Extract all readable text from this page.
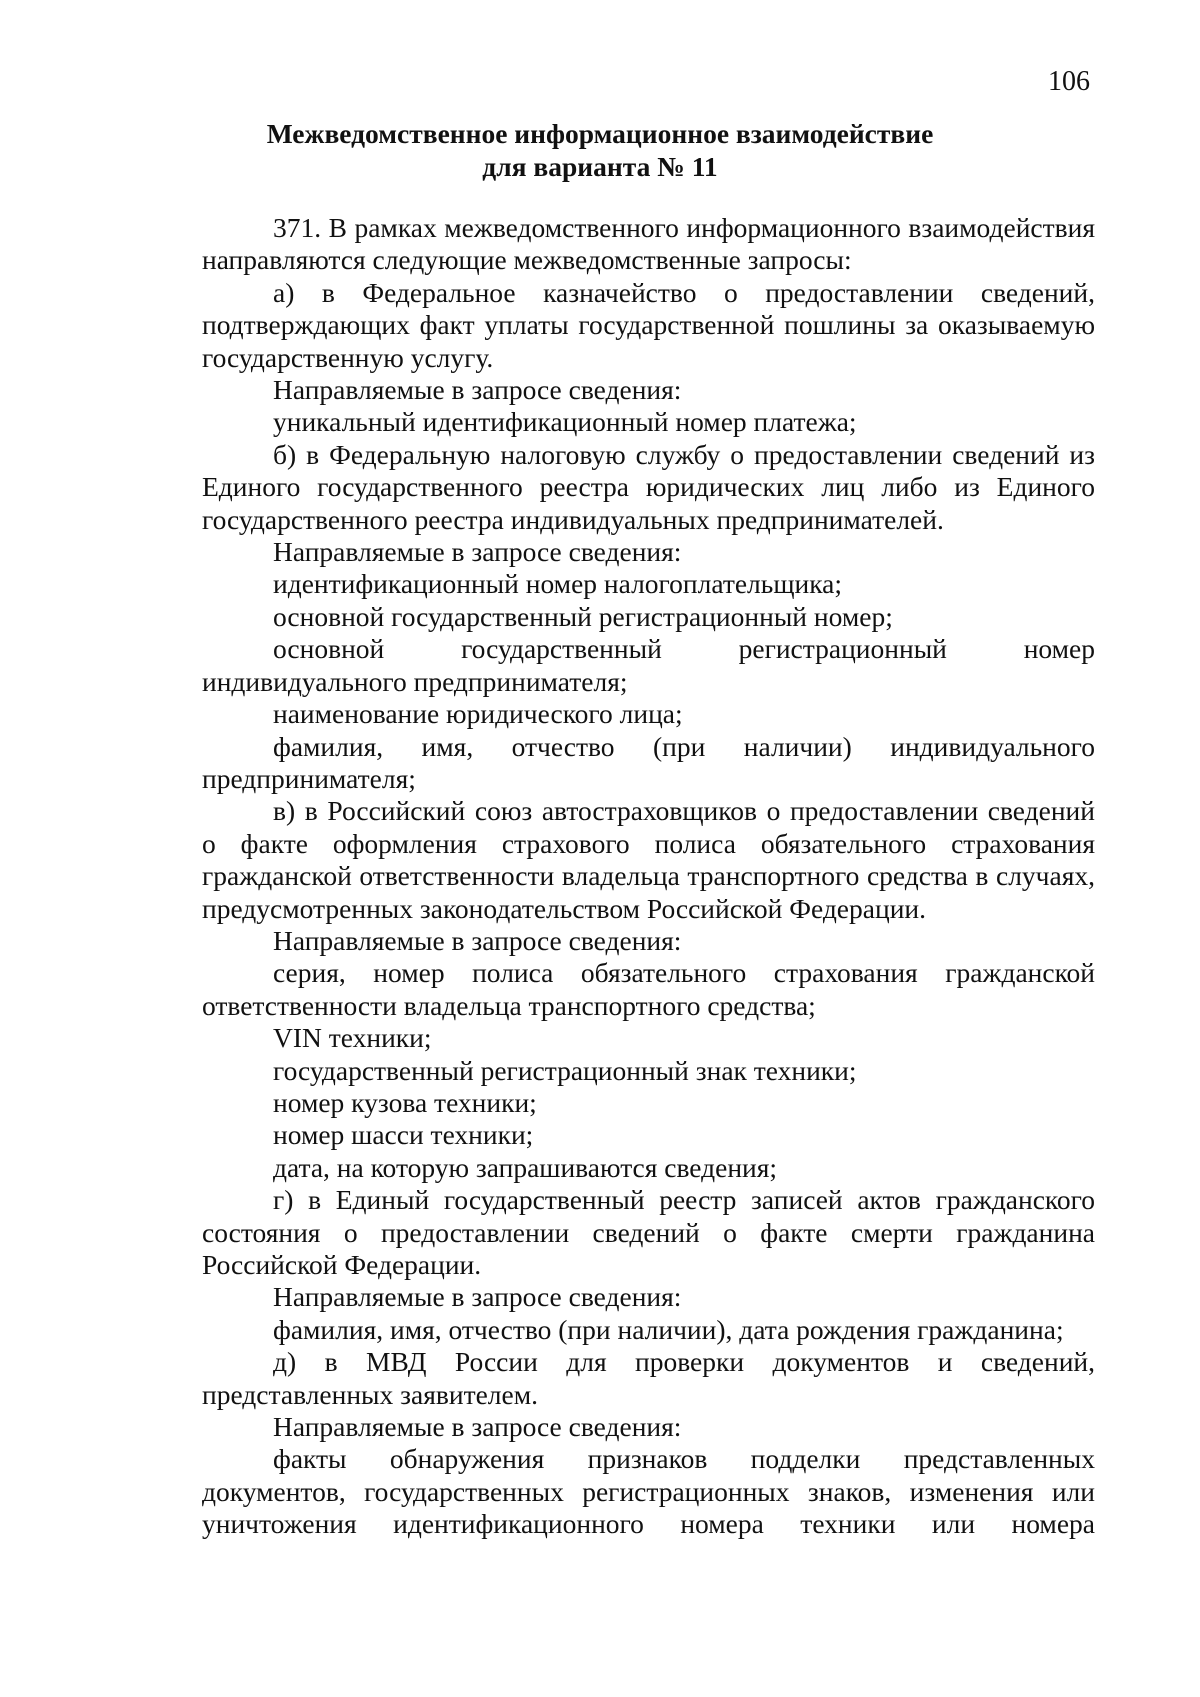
106
Межведомственное информационное взаимодействие
для варианта № 11

371. В рамках межведомственного информационного взаимодействия направляются следующие межведомственные запросы:

а) в Федеральное казначейство о предоставлении сведений, подтверждающих факт уплаты государственной пошлины за оказываемую государственную услугу.

Направляемые в запросе сведения:

уникальный идентификационный номер платежа;

б) в Федеральную налоговую службу о предоставлении сведений из Единого государственного реестра юридических лиц либо из Единого государственного реестра индивидуальных предпринимателей.

Направляемые в запросе сведения:

идентификационный номер налогоплательщика;

основной государственный регистрационный номер;

основной государственный регистрационный номер индивидуального предпринимателя;

наименование юридического лица;

фамилия, имя, отчество (при наличии) индивидуального предпринимателя;

в) в Российский союз автостраховщиков о предоставлении сведений о факте оформления страхового полиса обязательного страхования гражданской ответственности владельца транспортного средства в случаях, предусмотренных законодательством Российской Федерации.

Направляемые в запросе сведения:

серия, номер полиса обязательного страхования гражданской ответственности владельца транспортного средства;

VIN техники;

государственный регистрационный знак техники;

номер кузова техники;

номер шасси техники;

дата, на которую запрашиваются сведения;

г) в Единый государственный реестр записей актов гражданского состояния о предоставлении сведений о факте смерти гражданина Российской Федерации.

Направляемые в запросе сведения:

фамилия, имя, отчество (при наличии), дата рождения гражданина;

д) в МВД России для проверки документов и сведений, представленных заявителем.

Направляемые в запросе сведения:

факты обнаружения признаков подделки представленных документов, государственных регистрационных знаков, изменения или уничтожения идентификационного номера техники или номера
